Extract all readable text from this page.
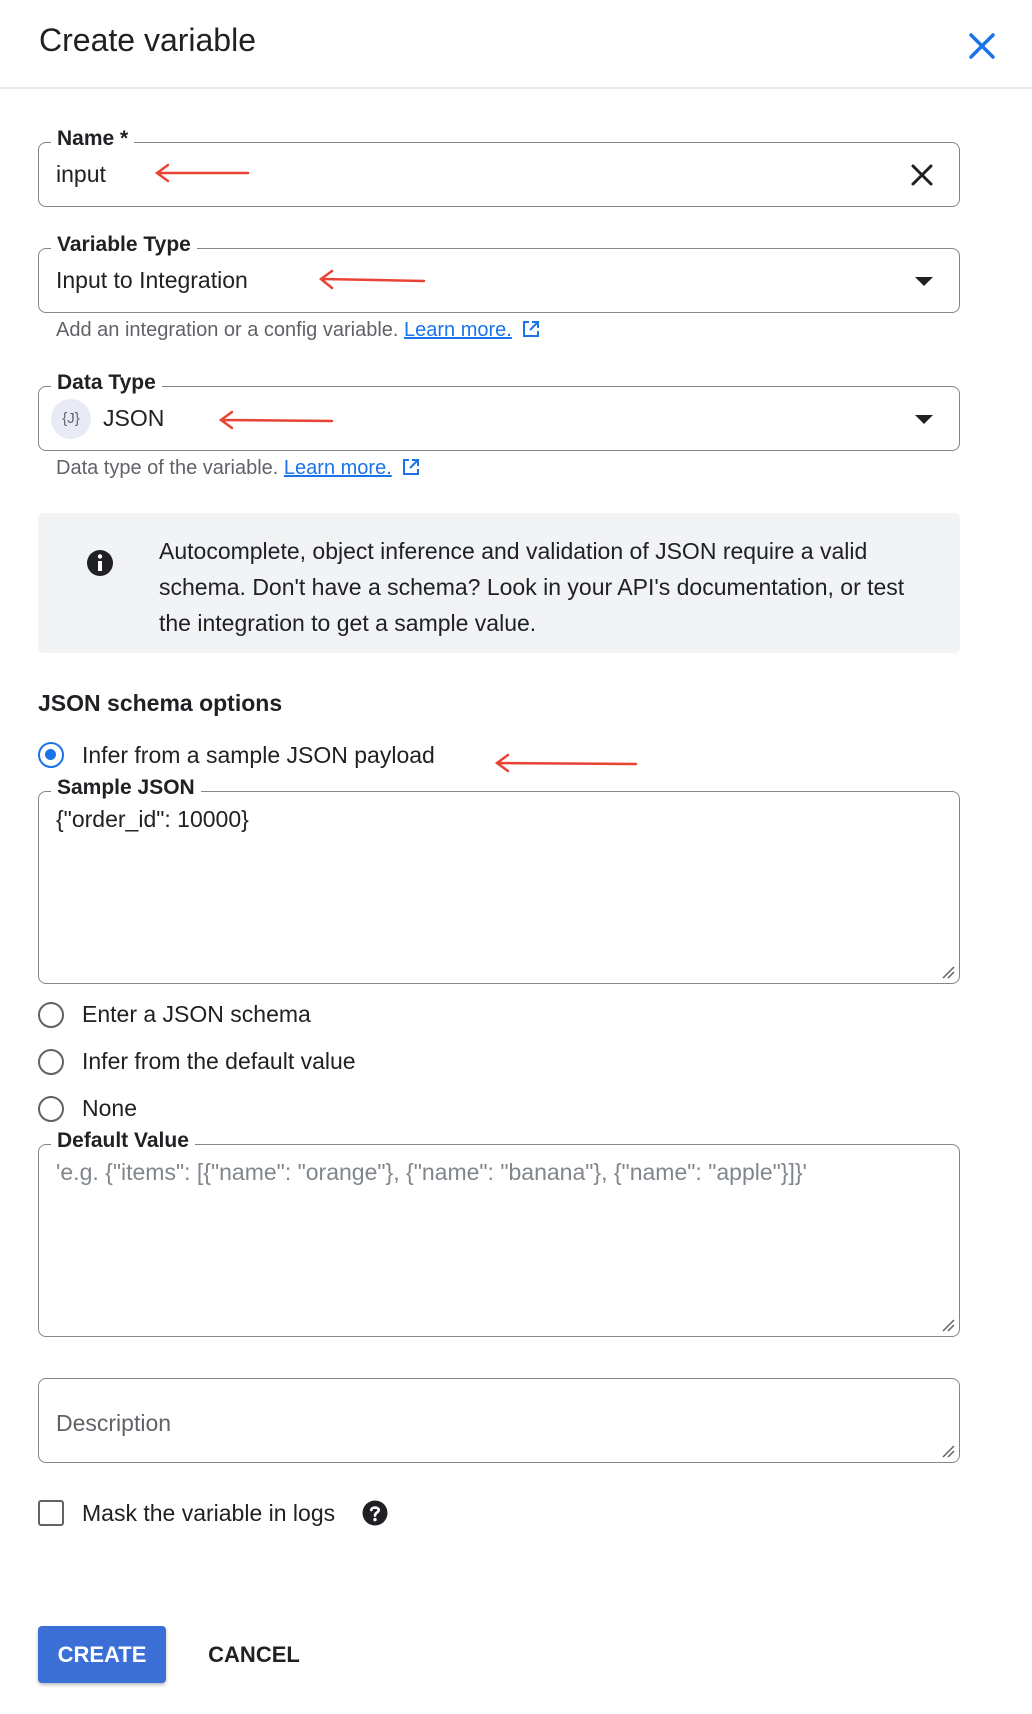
Create variable
Name *
input
Variable Type
Input to Integration
Add an integration or a config variable. Learn more.
Data Type
{J}	JSON
Data type of the variable. Learn more.
Autocomplete, object inference and validation of JSON require a valid schema. Don't have a schema? Look in your API's documentation, or test the integration to get a sample value.
JSON schema options
Infer from a sample JSON payload
Sample JSON
{"order_id": 10000}
Enter a JSON schema
Infer from the default value
None
Default Value
'e.g. {"items": [{"name": "orange"}, {"name": "banana"}, {"name": "apple"}]}'
Description
Mask the variable in logs
CREATE	CANCEL
